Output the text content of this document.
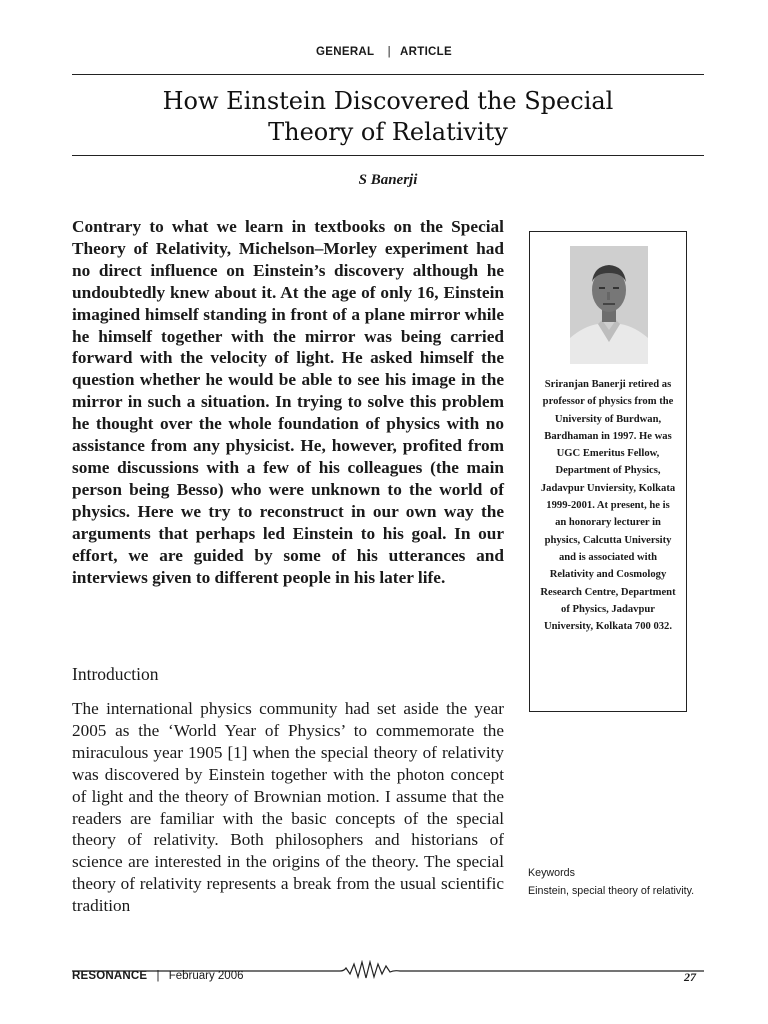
GENERAL | ARTICLE
How Einstein Discovered the Special
Theory of Relativity
S Banerji

Contrary to what we learn in textbooks on the Special Theory of Relativity, Michelson–Morley experiment had no direct influence on Einstein’s discovery although he undoubtedly knew about it. At the age of only 16, Einstein imagined himself standing in front of a plane mirror while he himself together with the mirror was being carried forward with the velocity of light. He asked himself the question whether he would be able to see his image in the mirror in such a situation. In trying to solve this problem he thought over the whole foundation of physics with no assistance from any physicist. He, however, profited from some discussions with a few of his colleagues (the main person being Besso) who were unknown to the world of physics. Here we try to reconstruct in our own way the arguments that perhaps led Einstein to his goal. In our effort, we are guided by some of his utterances and interviews given to different people in his later life.

Introduction

The international physics community had set aside the year 2005 as the ‘World Year of Physics’ to commemorate the miraculous year 1905 [1] when the special theory of relativity was discovered by Einstein together with the photon concept of light and the theory of Brownian motion. I assume that the readers are familiar with the basic concepts of the special theory of relativity. Both philosophers and historians of science are interested in the origins of the theory. The special theory of relativity represents a break from the usual scientific tradition

Sriranjan Banerji retired as professor of physics from the University of Burdwan, Bardhaman in 1997. He was UGC Emeritus Fellow, Department of Physics, Jadavpur Unviersity, Kolkata 1999-2001. At present, he is an honorary lecturer in physics, Calcutta University and is associated with Relativity and Cosmology Research Centre, Department of Physics, Jadavpur University, Kolkata 700 032.

Keywords

Einstein, special theory of relativity.

RESONANCE | February 2006	27
